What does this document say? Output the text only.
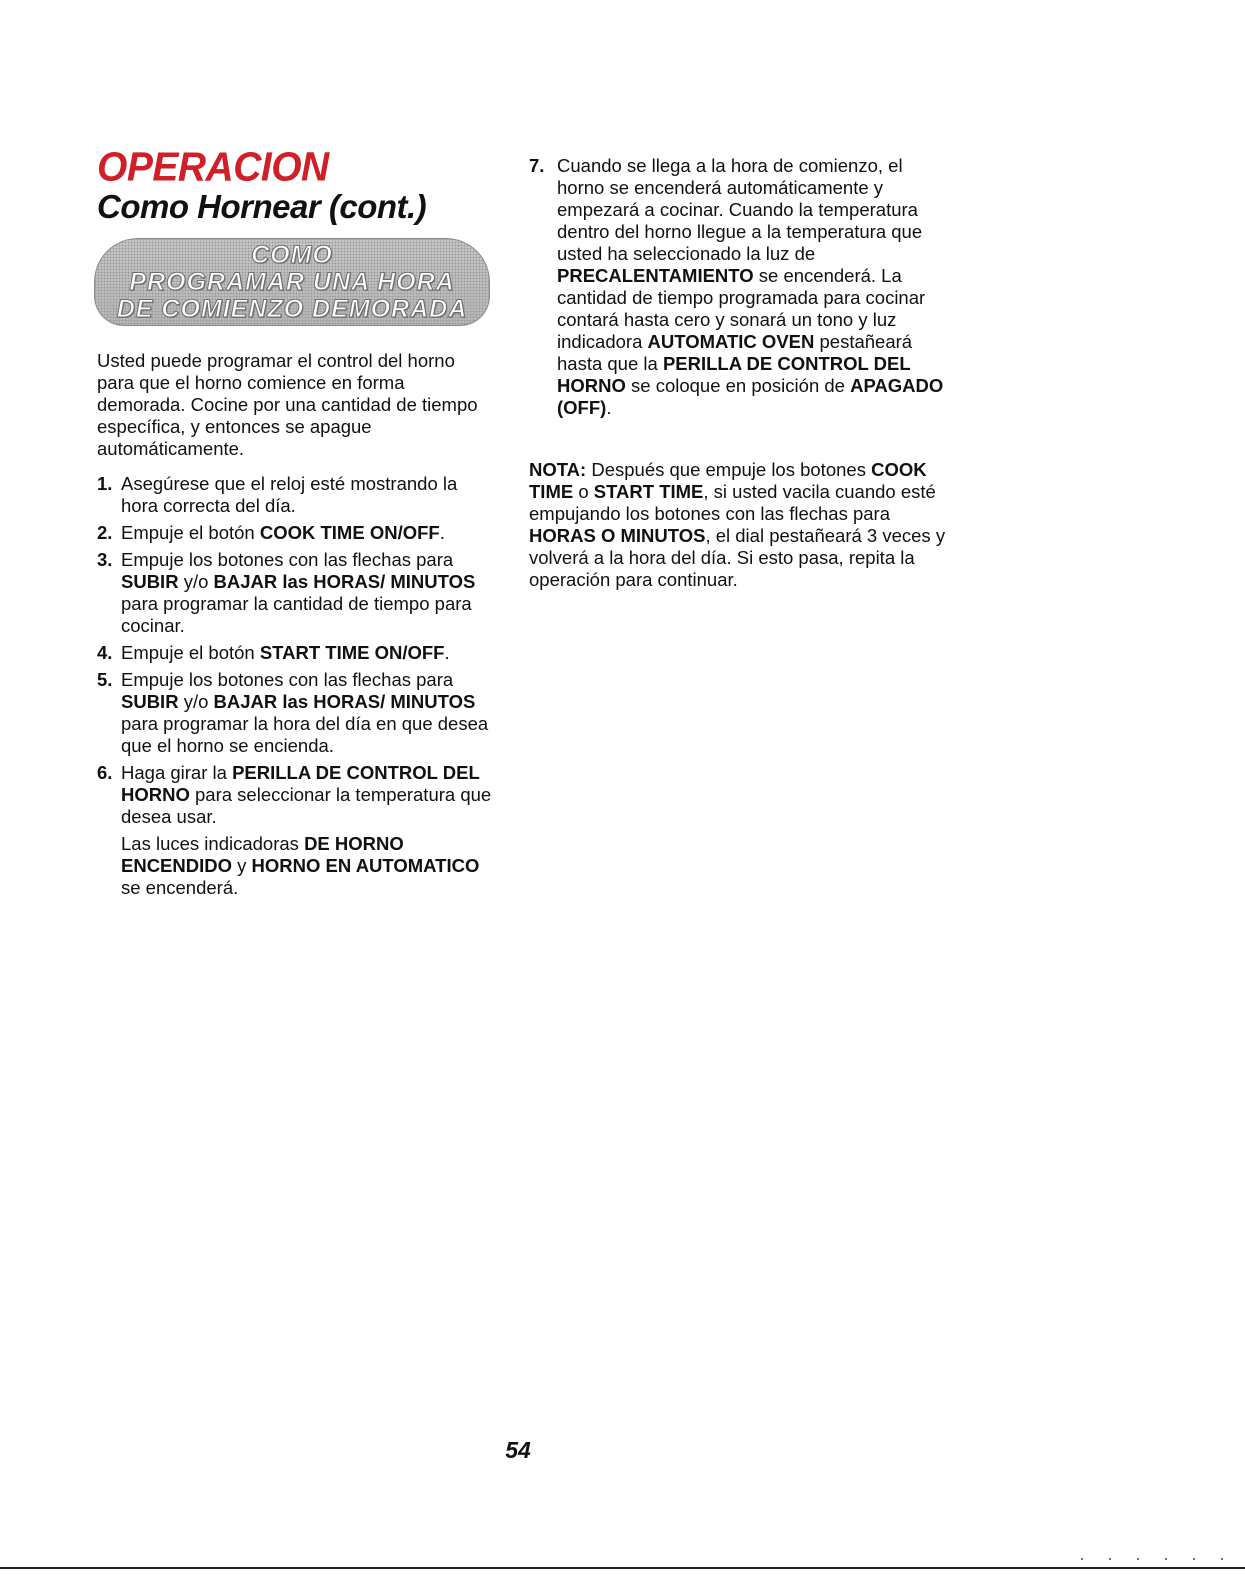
OPERACION
Como Hornear (cont.)
COMO
PROGRAMAR UNA HORA
DE COMIENZO DEMORADA

Usted puede programar el control del horno para que el horno comience en forma demorada. Cocine por una cantidad de tiempo específica, y entonces se apague automáticamente.

1. Asegúrese que el reloj esté mostrando la hora correcta del día.
2. Empuje el botón COOK TIME ON/OFF.
3. Empuje los botones con las flechas para SUBIR y/o BAJAR las HORAS/ MINUTOS para programar la cantidad de tiempo para cocinar.
4. Empuje el botón START TIME ON/OFF.
5. Empuje los botones con las flechas para SUBIR y/o BAJAR las HORAS/ MINUTOS para programar la hora del día en que desea que el horno se encienda.
6. Haga girar la PERILLA DE CONTROL DEL HORNO para seleccionar la temperatura que desea usar.

Las luces indicadoras DE HORNO ENCENDIDO y HORNO EN AUTOMATICO se encenderá.

7. Cuando se llega a la hora de comienzo, el horno se encenderá automáticamente y empezará a cocinar. Cuando la temperatura dentro del horno llegue a la temperatura que usted ha seleccionado la luz de PRECALENTAMIENTO se encenderá. La cantidad de tiempo programada para cocinar contará hasta cero y sonará un tono y luz indicadora AUTOMATIC OVEN pestañeará hasta que la PERILLA DE CONTROL DEL HORNO se coloque en posición de APAGADO (OFF).

NOTA: Después que empuje los botones COOK TIME o START TIME, si usted vacila cuando esté empujando los botones con las flechas para HORAS O MINUTOS, el dial pestañeará 3 veces y volverá a la hora del día. Si esto pasa, repita la operación para continuar.

54
